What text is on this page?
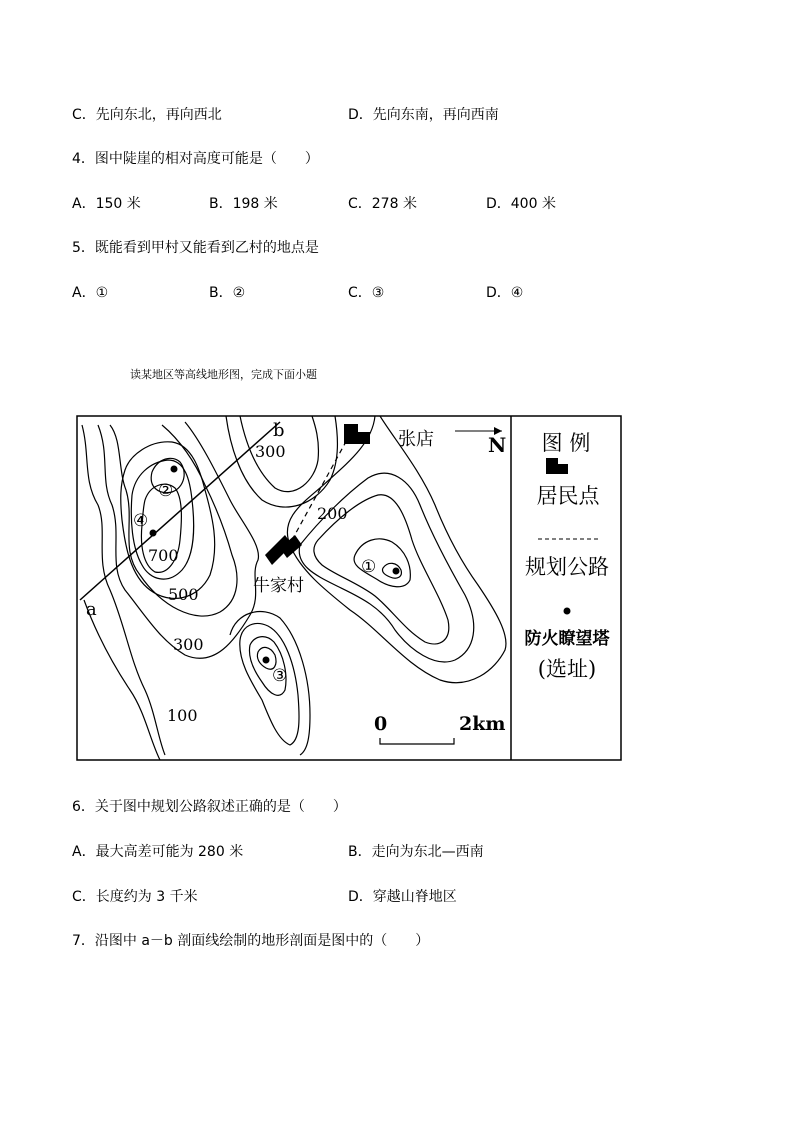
C．先向东北，再向西北	D．先向东南，再向西南
4．图中陡崖的相对高度可能是（　　）
A．150 米	B．198 米	C．278 米	D．400 米
5．既能看到甲村又能看到乙村的地点是
A．①	B．②	C．③	D．④
读某地区等高线地形图，完成下面小题
300
200
700
500
300
100
张店
牛家村
N
a
b
①
②
③
④
0	2km
图 例
居民点
规划公路
防火瞭望塔
(选址)
6．关于图中规划公路叙述正确的是（　　）
A．最大高差可能为 280 米	B．走向为东北—西南
C．长度约为 3 千米	D．穿越山脊地区
7．沿图中 a－b 剖面线绘制的地形剖面是图中的（　　）
